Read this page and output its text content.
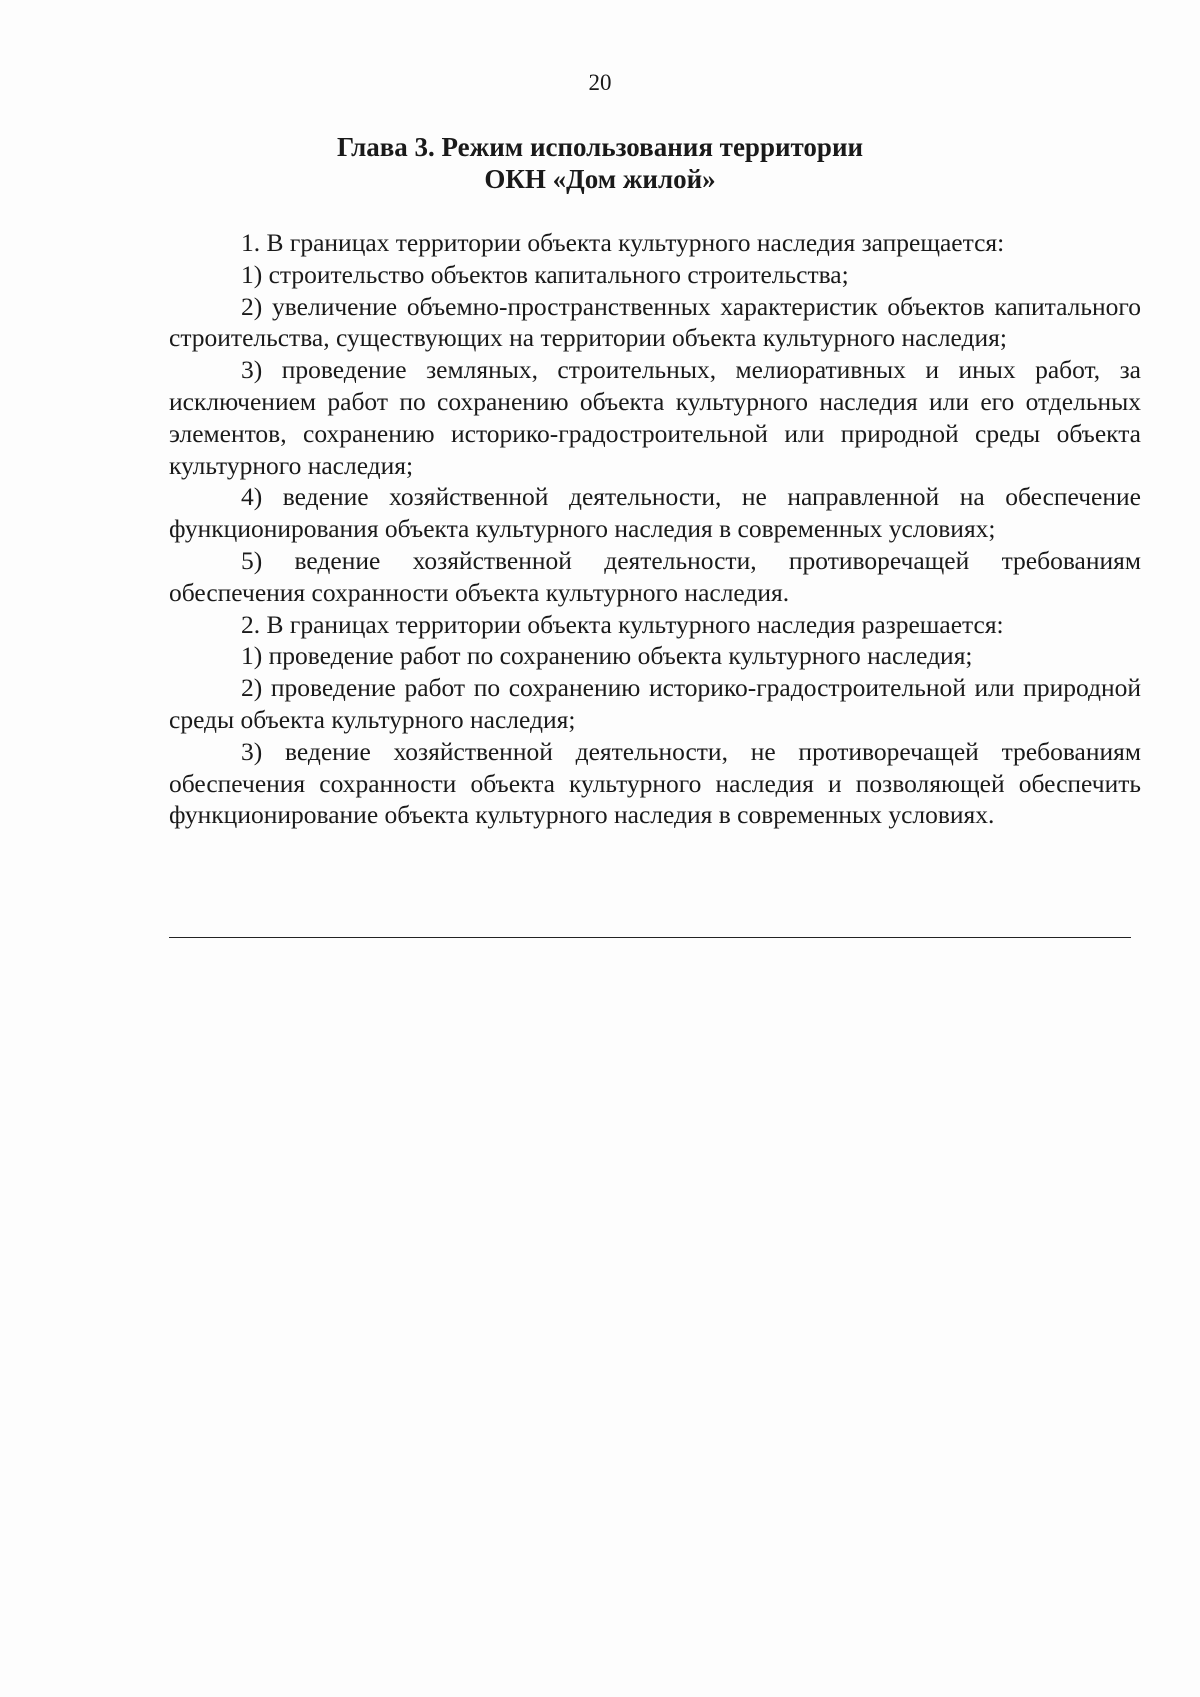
20
Глава 3. Режим использования территории
ОКН «Дом жилой»

1. В границах территории объекта культурного наследия запрещается:

1) строительство объектов капитального строительства;

2) увеличение объемно-пространственных характеристик объектов капитального строительства, существующих на территории объекта культурного наследия;

3) проведение земляных, строительных, мелиоративных и иных работ, за исключением работ по сохранению объекта культурного наследия или его отдельных элементов, сохранению историко-градостроительной или природной среды объекта культурного наследия;

4) ведение хозяйственной деятельности, не направленной на обеспечение функционирования объекта культурного наследия в современных условиях;

5) ведение хозяйственной деятельности, противоречащей требованиям обеспечения сохранности объекта культурного наследия.

2. В границах территории объекта культурного наследия разрешается:

1) проведение работ по сохранению объекта культурного наследия;

2) проведение работ по сохранению историко-градостроительной или природной среды объекта культурного наследия;

3) ведение хозяйственной деятельности, не противоречащей требованиям обеспечения сохранности объекта культурного наследия и позволяющей обеспечить функционирование объекта культурного наследия в современных условиях.
